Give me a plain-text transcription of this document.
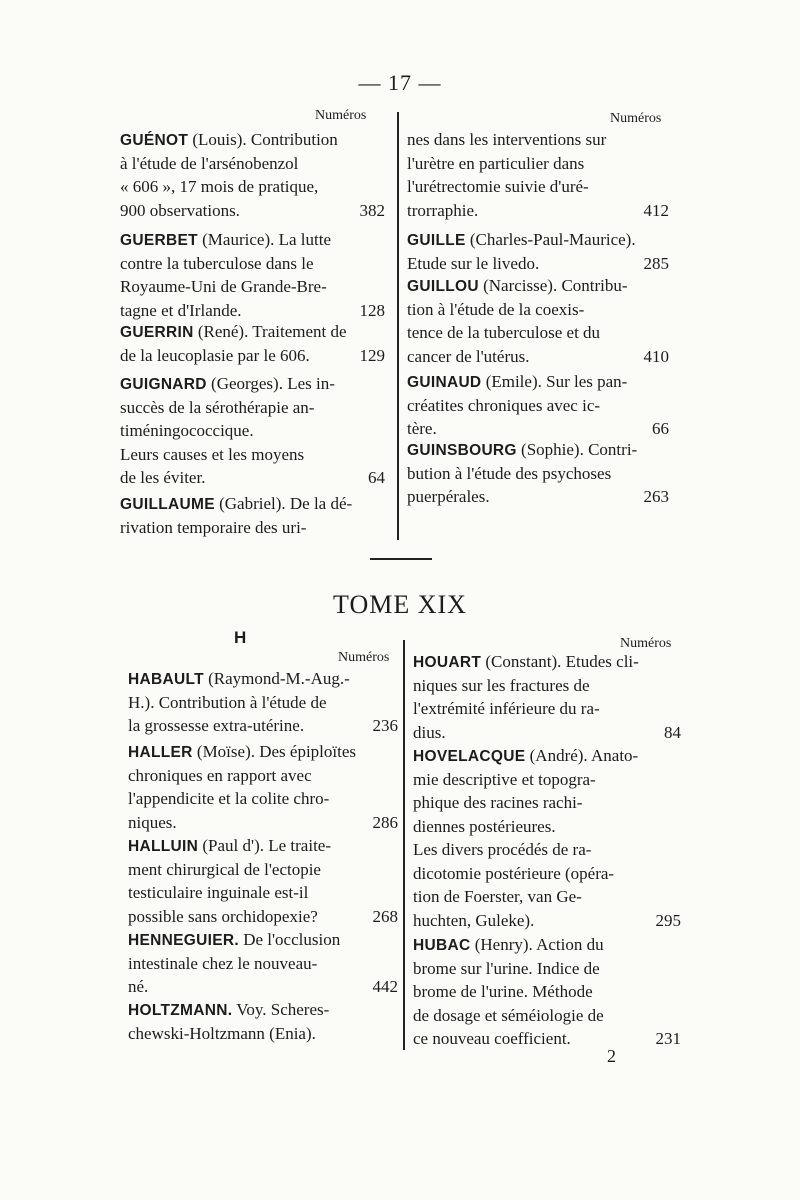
— 17 —
Numéros	Numéros
GUÉNOT (Louis). Contribution
à l'étude de l'arsénobenzol
« 606 », 17 mois de pratique,
900 observations.	382
GUERBET (Maurice). La lutte
contre la tuberculose dans le
Royaume-Uni de Grande-Bre-
tagne et d'Irlande.	128
GUERRIN (René). Traitement de
de la leucoplasie par le 606.	129
GUIGNARD (Georges). Les in-
succès de la sérothérapie an-
timéningococcique.
Leurs causes et les moyens
de les éviter.	64
GUILLAUME (Gabriel). De la dé-
rivation temporaire des uri-
nes dans les interventions sur
l'urètre en particulier dans
l'urétrectomie suivie d'uré-
trorraphie.	412
GUILLE (Charles-Paul-Maurice).
Etude sur le livedo.	285
GUILLOU (Narcisse). Contribu-
tion à l'étude de la coexis-
tence de la tuberculose et du
cancer de l'utérus.	410
GUINAUD (Emile). Sur les pan-
créatites chroniques avec ic-
tère.	66
GUINSBOURG (Sophie). Contri-
bution à l'étude des psychoses
puerpérales.	263
TOME XIX
H
Numéros
Numéros
HABAULT (Raymond-M.-Aug.-
H.). Contribution à l'étude de
la grossesse extra-utérine.	236
HALLER (Moïse). Des épiploïtes
chroniques en rapport avec
l'appendicite et la colite chro-
niques.	286
HALLUIN (Paul d'). Le traite-
ment chirurgical de l'ectopie
testiculaire inguinale est-il
possible sans orchidopexie?	268
HENNEGUIER. De l'occlusion
intestinale chez le nouveau-
né.	442
HOLTZMANN. Voy. Scheres-
chewski-Holtzmann (Enia).
HOUART (Constant). Etudes cli-
niques sur les fractures de
l'extrémité inférieure du ra-
dius.	84
HOVELACQUE (André). Anato-
mie descriptive et topogra-
phique des racines rachi-
diennes postérieures.
Les divers procédés de ra-
dicotomie postérieure (opéra-
tion de Foerster, van Ge-
huchten, Guleke).	295
HUBAC (Henry). Action du
brome sur l'urine. Indice de
brome de l'urine. Méthode
de dosage et séméiologie de
ce nouveau coefficient.	231
2
